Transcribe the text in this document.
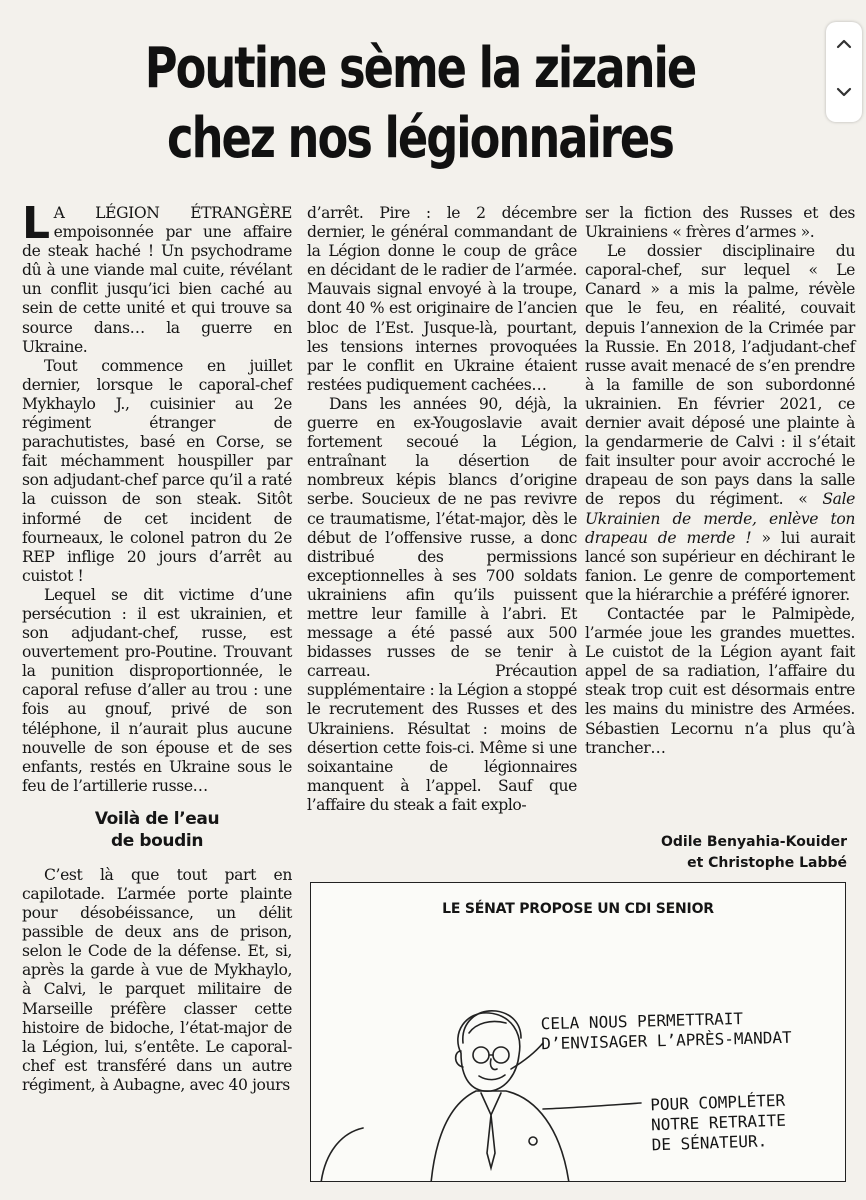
Poutine sème la zizanie
chez nos légionnaires

L A LÉGION ÉTRANGÈRE empoisonnée par une affaire de steak haché ! Un psychodrame dû à une viande mal cuite, révélant un conflit jusqu’ici bien caché au sein de cette unité et qui trouve sa source dans… la guerre en Ukraine.

Tout commence en juillet dernier, lorsque le caporal-chef Mykhaylo J., cuisinier au 2e régiment étranger de parachutistes, basé en Corse, se fait méchamment houspiller par son adjudant-chef parce qu’il a raté la cuisson de son steak. Sitôt informé de cet incident de fourneaux, le colonel patron du 2e REP inflige 20 jours d’arrêt au cuistot !

Lequel se dit victime d’une persécution : il est ukrainien, et son adjudant-chef, russe, est ouvertement pro-Poutine. Trouvant la punition disproportionnée, le caporal refuse d’aller au trou : une fois au gnouf, privé de son téléphone, il n’aurait plus aucune nouvelle de son épouse et de ses enfants, restés en Ukraine sous le feu de l’artillerie russe…

Voilà de l’eau
de boudin

C’est là que tout part en capilotade. L’armée porte plainte pour désobéissance, un délit passible de deux ans de prison, selon le Code de la défense. Et, si, après la garde à vue de Mykhaylo, à Calvi, le parquet militaire de Marseille préfère classer cette histoire de bidoche, l’état-major de la Légion, lui, s’entête. Le caporal-chef est transféré dans un autre régiment, à Aubagne, avec 40 jours

d’arrêt. Pire : le 2 décembre dernier, le général commandant de la Légion donne le coup de grâce en décidant de le radier de l’armée. Mauvais signal envoyé à la troupe, dont 40 % est originaire de l’ancien bloc de l’Est. Jusque-là, pourtant, les tensions internes provoquées par le conflit en Ukraine étaient restées pudiquement cachées…

Dans les années 90, déjà, la guerre en ex-Yougoslavie avait fortement secoué la Légion, entraînant la désertion de nombreux képis blancs d’origine serbe. Soucieux de ne pas revivre ce traumatisme, l’état-major, dès le début de l’offensive russe, a donc distribué des permissions exceptionnelles à ses 700 soldats ukrainiens afin qu’ils puissent mettre leur famille à l’abri. Et message a été passé aux 500 bidasses russes de se tenir à carreau. Précaution supplémentaire : la Légion a stoppé le recrutement des Russes et des Ukrainiens. Résultat : moins de désertion cette fois-ci. Même si une soixantaine de légionnaires manquent à l’appel. Sauf que l’affaire du steak a fait explo-

ser la fiction des Russes et des Ukrainiens « frères d’armes ».

Le dossier disciplinaire du caporal-chef, sur lequel « Le Canard » a mis la palme, révèle que le feu, en réalité, couvait depuis l’annexion de la Crimée par la Russie. En 2018, l’adjudant-chef russe avait menacé de s’en prendre à la famille de son subordonné ukrainien. En février 2021, ce dernier avait déposé une plainte à la gendarmerie de Calvi : il s’était fait insulter pour avoir accroché le drapeau de son pays dans la salle de repos du régiment. « Sale Ukrainien de merde, enlève ton drapeau de merde ! » lui aurait lancé son supérieur en déchirant le fanion. Le genre de comportement que la hiérarchie a préféré ignorer.

Contactée par le Palmipède, l’armée joue les grandes muettes. Le cuistot de la Légion ayant fait appel de sa radiation, l’affaire du steak trop cuit est désormais entre les mains du ministre des Armées. Sébastien Lecornu n’a plus qu’à trancher…

Odile Benyahia-Kouider
et Christophe Labbé
LE SÉNAT PROPOSE UN CDI SENIOR
CELA NOUS PERMETTRAIT
D’ENVISAGER L’APRÈS-MANDAT
POUR COMPLÉTER
NOTRE RETRAITE
DE SÉNATEUR.
